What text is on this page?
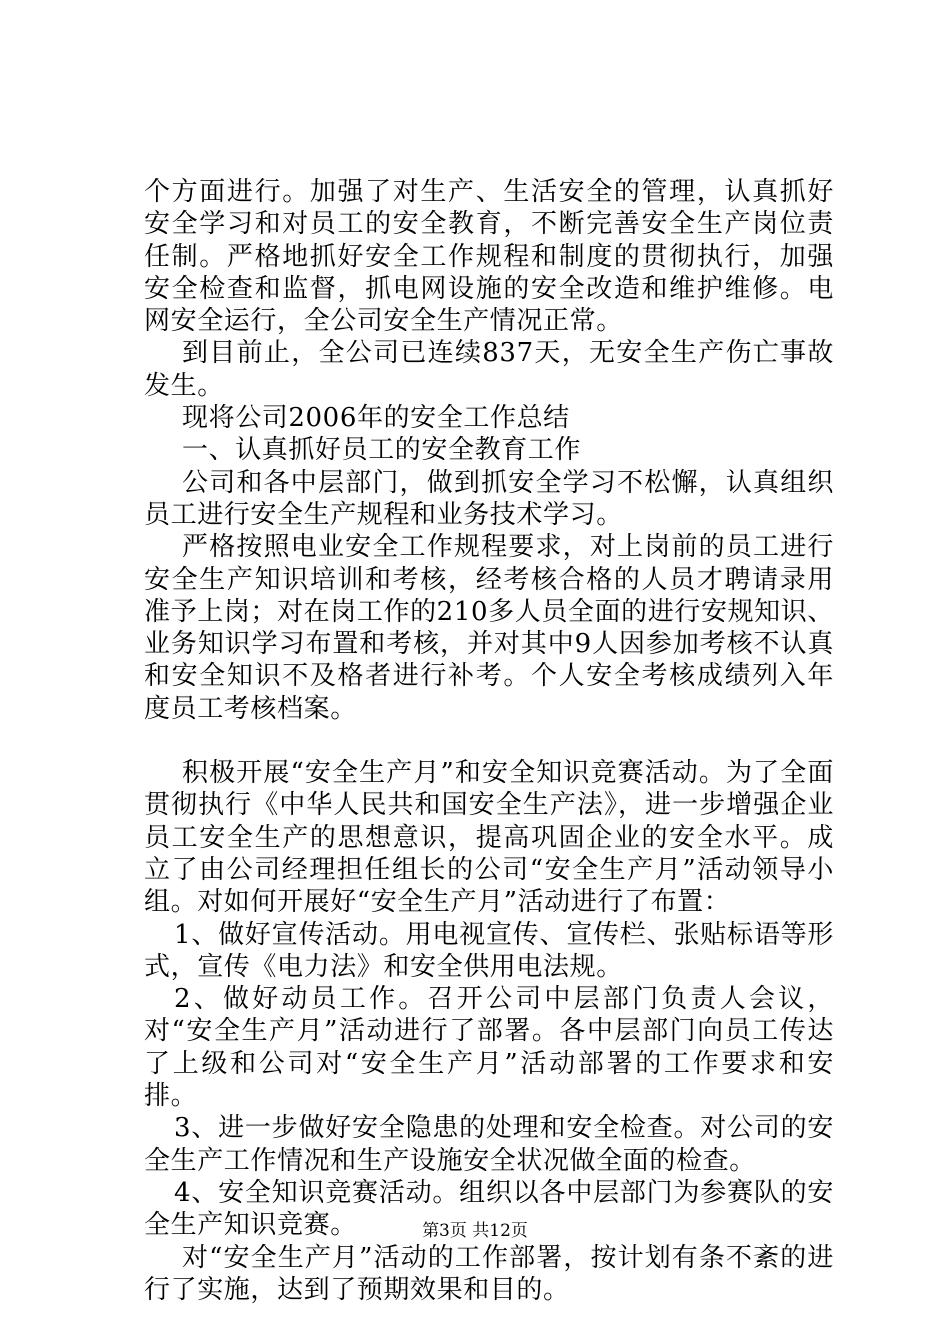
个方面进行。加强了对生产、生活安全的管理，认真抓好安全学习和对员工的安全教育，不断完善安全生产岗位责任制。严格地抓好安全工作规程和制度的贯彻执行，加强安全检查和监督，抓电网设施的安全改造和维护维修。电网安全运行，全公司安全生产情况正常。

到目前止，全公司已连续837天，无安全生产伤亡事故发生。

现将公司2006年的安全工作总结

一、认真抓好员工的安全教育工作

公司和各中层部门，做到抓安全学习不松懈，认真组织员工进行安全生产规程和业务技术学习。

严格按照电业安全工作规程要求，对上岗前的员工进行安全生产知识培训和考核，经考核合格的人员才聘请录用准予上岗；对在岗工作的210多人员全面的进行安规知识、业务知识学习布置和考核，并对其中9人因参加考核不认真和安全知识不及格者进行补考。个人安全考核成绩列入年度员工考核档案。

积极开展“安全生产月”和安全知识竞赛活动。为了全面贯彻执行《中华人民共和国安全生产法》，进一步增强企业员工安全生产的思想意识，提高巩固企业的安全水平。成立了由公司经理担任组长的公司“安全生产月”活动领导小组。对如何开展好“安全生产月”活动进行了布置：

1、做好宣传活动。用电视宣传、宣传栏、张贴标语等形式，宣传《电力法》和安全供用电法规。

2、做好动员工作。召开公司中层部门负责人会议，对“安全生产月”活动进行了部署。各中层部门向员工传达了上级和公司对“安全生产月”活动部署的工作要求和安排。

3、进一步做好安全隐患的处理和安全检查。对公司的安全生产工作情况和生产设施安全状况做全面的检查。

4、安全知识竞赛活动。组织以各中层部门为参赛队的安全生产知识竞赛。

对“安全生产月”活动的工作部署，按计划有条不紊的进行了实施，达到了预期效果和目的。

第3页 共12页
